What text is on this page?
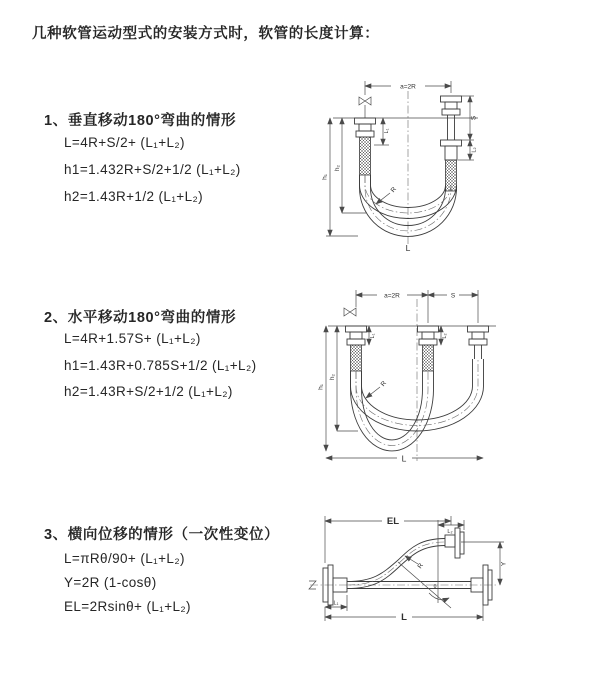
几种软管运动型式的安装方式时，软管的长度计算：
1、垂直移动180°弯曲的情形
L=4R+S/2+ (L₁+L₂)
h1=1.432R+S/2+1/2 (L₁+L₂)
h2=1.43R+1/2 (L₁+L₂)
2、水平移动180°弯曲的情形
L=4R+1.57S+ (L₁+L₂)
h1=1.43R+0.785S+1/2 (L₁+L₂)
h2=1.43R+S/2+1/2 (L₁+L₂)
3、横向位移的情形（一次性变位）
L=πRθ/90+ (L₁+L₂)
Y=2R (1-cosθ)
EL=2Rsinθ+ (L₁+L₂)
a=2R
h₁
h₂
L₁
S
L₂
R
L
a=2R	S
h₁
h₂
L₁	L₂
R
L
EL
L₂
Y
R
θ
L
L₁
